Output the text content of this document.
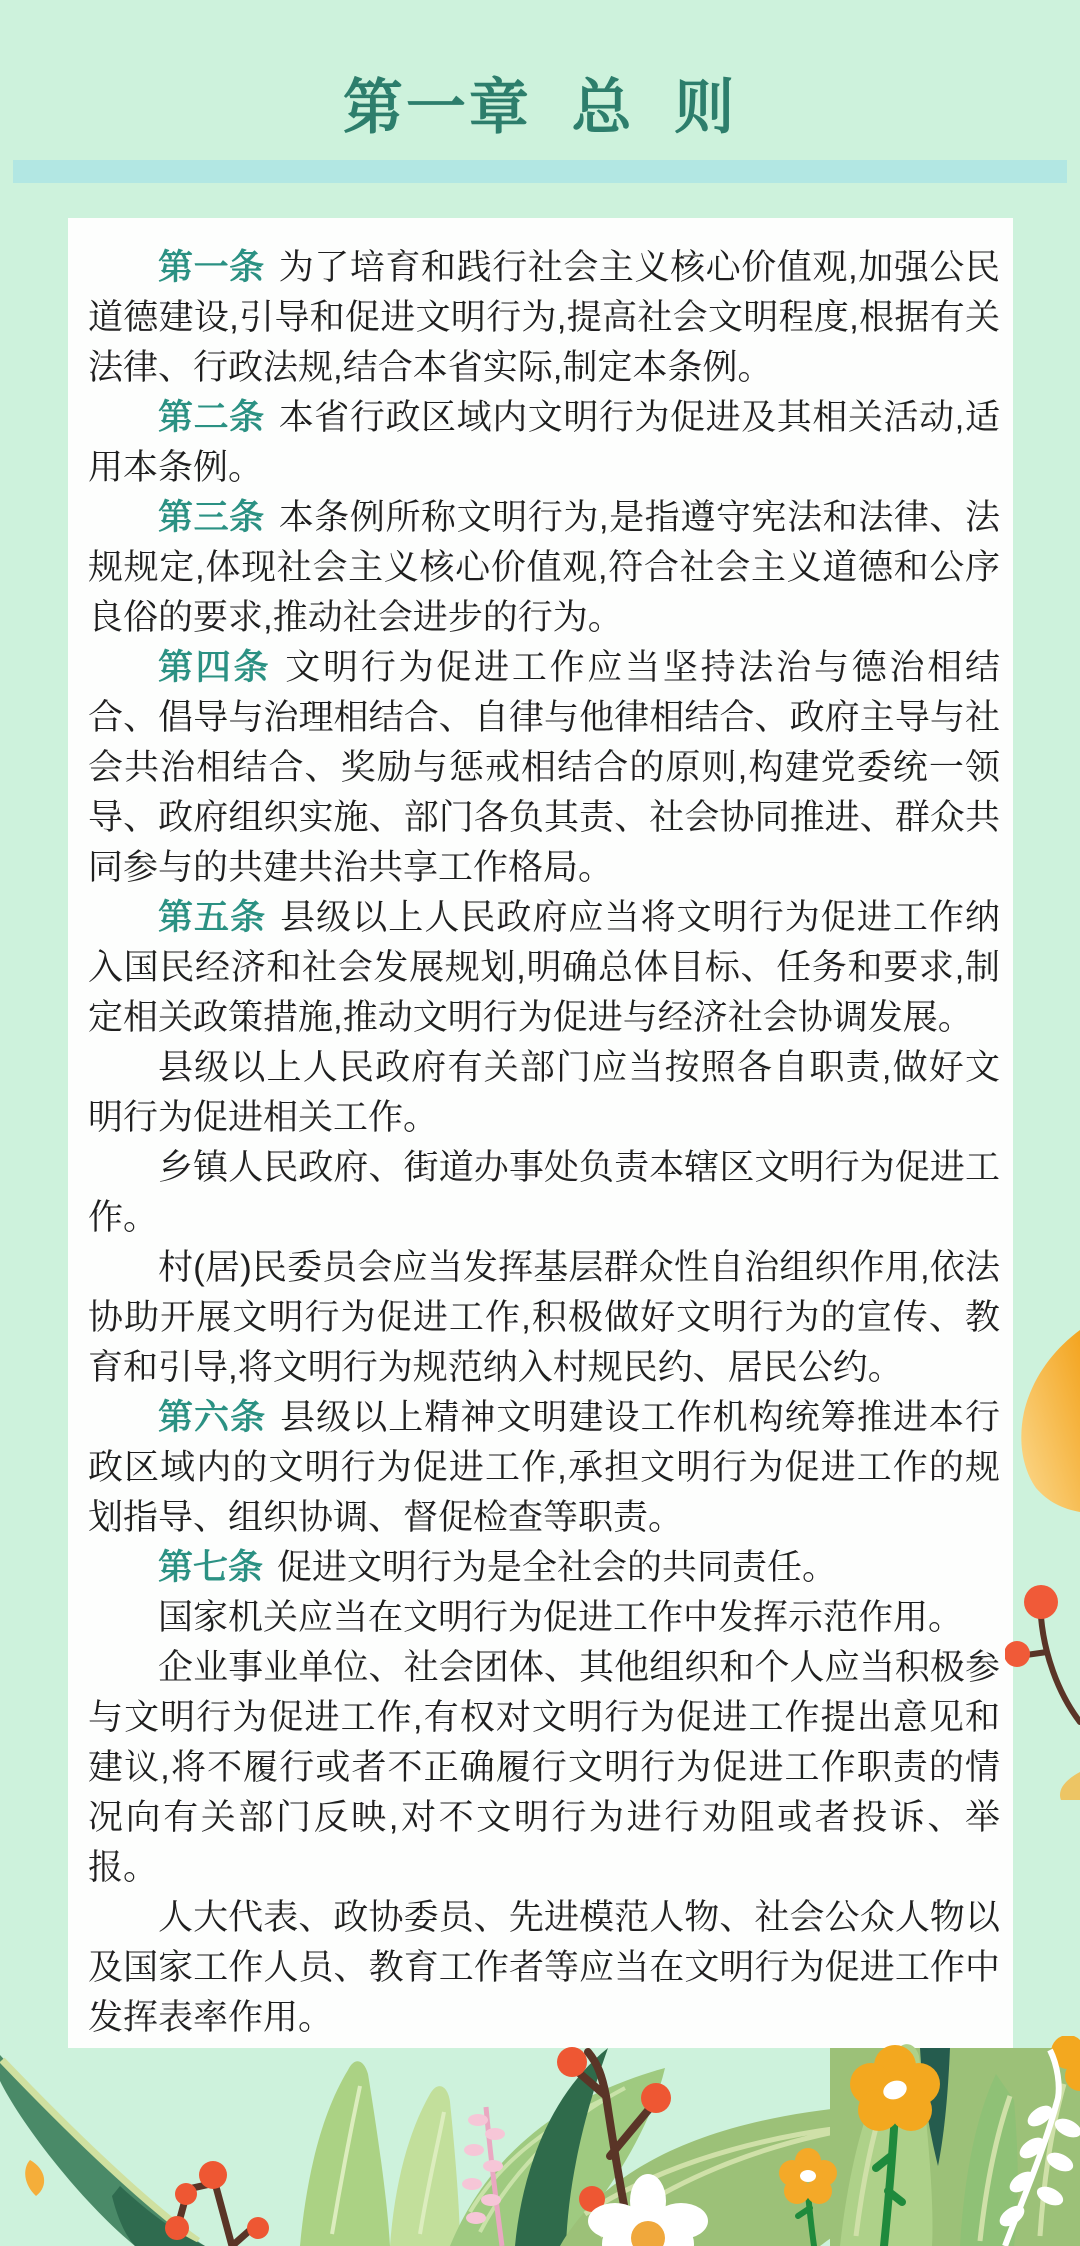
第一章 总 则

第一条 为了培育和践行社会主义核心价值观,加强公民道德建设,引导和促进文明行为,提高社会文明程度,根据有关法律、行政法规,结合本省实际,制定本条例。

第二条 本省行政区域内文明行为促进及其相关活动,适用本条例。

第三条 本条例所称文明行为,是指遵守宪法和法律、法规规定,体现社会主义核心价值观,符合社会主义道德和公序良俗的要求,推动社会进步的行为。

第四条 文明行为促进工作应当坚持法治与德治相结合、倡导与治理相结合、自律与他律相结合、政府主导与社会共治相结合、奖励与惩戒相结合的原则,构建党委统一领导、政府组织实施、部门各负其责、社会协同推进、群众共同参与的共建共治共享工作格局。

第五条 县级以上人民政府应当将文明行为促进工作纳入国民经济和社会发展规划,明确总体目标、任务和要求,制定相关政策措施,推动文明行为促进与经济社会协调发展。

县级以上人民政府有关部门应当按照各自职责,做好文明行为促进相关工作。

乡镇人民政府、街道办事处负责本辖区文明行为促进工作。

村(居)民委员会应当发挥基层群众性自治组织作用,依法协助开展文明行为促进工作,积极做好文明行为的宣传、教育和引导,将文明行为规范纳入村规民约、居民公约。

第六条 县级以上精神文明建设工作机构统筹推进本行政区域内的文明行为促进工作,承担文明行为促进工作的规划指导、组织协调、督促检查等职责。

第七条 促进文明行为是全社会的共同责任。

国家机关应当在文明行为促进工作中发挥示范作用。

企业事业单位、社会团体、其他组织和个人应当积极参与文明行为促进工作,有权对文明行为促进工作提出意见和建议,将不履行或者不正确履行文明行为促进工作职责的情况向有关部门反映,对不文明行为进行劝阻或者投诉、举报。

人大代表、政协委员、先进模范人物、社会公众人物以及国家工作人员、教育工作者等应当在文明行为促进工作中发挥表率作用。
